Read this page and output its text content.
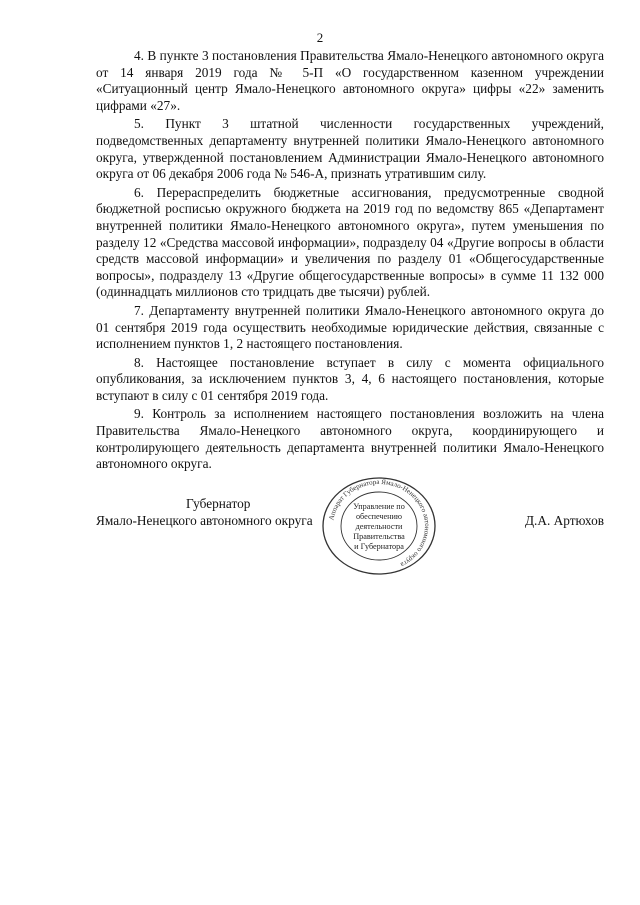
2

4. В пункте 3 постановления Правительства Ямало-Ненецкого автономного округа от 14 января 2019 года № 5-П «О государственном казенном учреждении «Ситуационный центр Ямало-Ненецкого автономного округа» цифры «22» заменить цифрами «27».

5. Пункт 3 штатной численности государственных учреждений, подведомственных департаменту внутренней политики Ямало-Ненецкого автономного округа, утвержденной постановлением Администрации Ямало-Ненецкого автономного округа от 06 декабря 2006 года № 546-А, признать утратившим силу.

6. Перераспределить бюджетные ассигнования, предусмотренные сводной бюджетной росписью окружного бюджета на 2019 год по ведомству 865 «Департамент внутренней политики Ямало-Ненецкого автономного округа», путем уменьшения по разделу 12 «Средства массовой информации», подразделу 04 «Другие вопросы в области средств массовой информации» и увеличения по разделу 01 «Общегосударственные вопросы», подразделу 13 «Другие общегосударственные вопросы» в сумме 11 132 000 (одиннадцать миллионов сто тридцать две тысячи) рублей.

7. Департаменту внутренней политики Ямало-Ненецкого автономного округа до 01 сентября 2019 года осуществить необходимые юридические действия, связанные с исполнением пунктов 1, 2 настоящего постановления.

8. Настоящее постановление вступает в силу с момента официального опубликования, за исключением пунктов 3, 4, 6 настоящего постановления, которые вступают в силу с 01 сентября 2019 года.

9. Контроль за исполнением настоящего постановления возложить на члена Правительства Ямало-Ненецкого автономного округа, координирующего и контролирующего деятельность департамента внутренней политики Ямало-Ненецкого автономного округа.

Аппарат Губернатора Ямало-Ненецкого автономного округа
Управление по
обеспечению
деятельности
Правительства
и Губернатора
Губернатор
Ямало-Ненецкого автономного округа	Д.А. Артюхов
